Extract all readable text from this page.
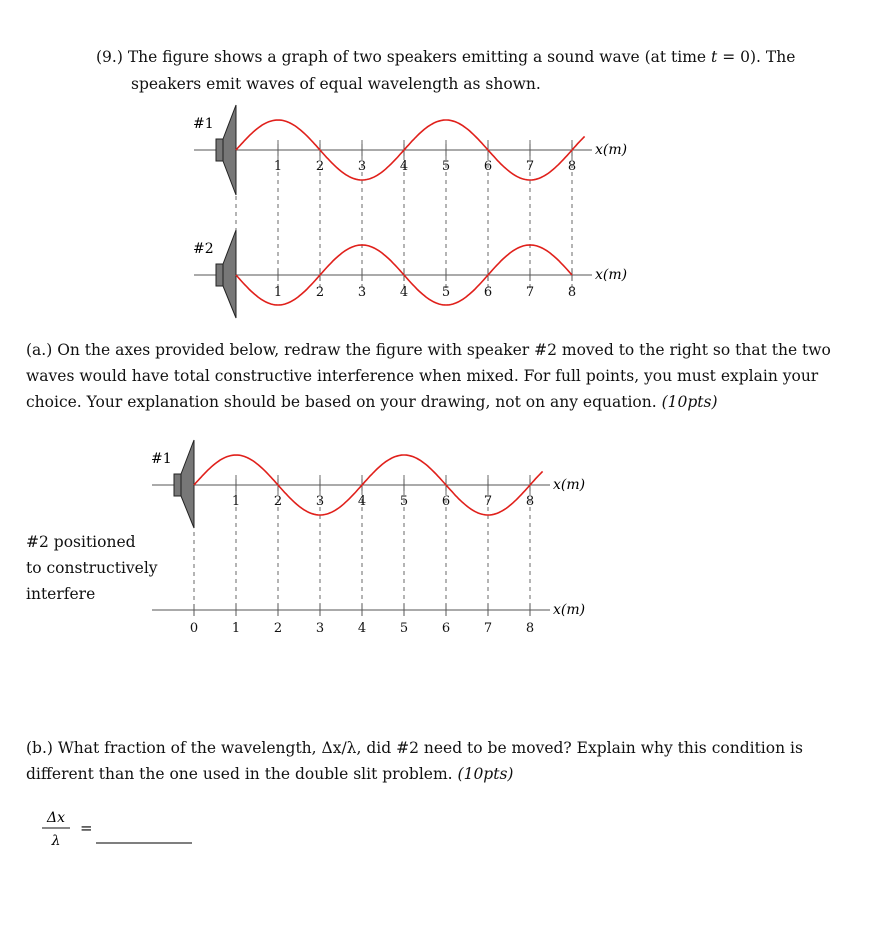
(9.) The figure shows a graph of two speakers emitting a sound wave (at time t = 0). The
speakers emit waves of equal wavelength as shown.
(a.) On the axes provided below, redraw the figure with speaker #2 moved to the right so that the two
waves would have total constructive interference when mixed. For full points, you must explain your
choice. Your explanation should be based on your drawing, not on any equation. (10pts)
#2 positioned
to constructively
interfere
(b.) What fraction of the wavelength, Δx/λ, did #2 need to be moved? Explain why this condition is
different than the one used in the double slit problem. (10pts)
1	2	3	4	5	6	7	8
x(m)
#1
1	2	3	4	5	6	7	8
x(m)
#2
1	2	3	4	5	6	7	8
x(m)
#1
0	1	2	3	4	5	6	7	8
x(m)
Δx
λ
=
